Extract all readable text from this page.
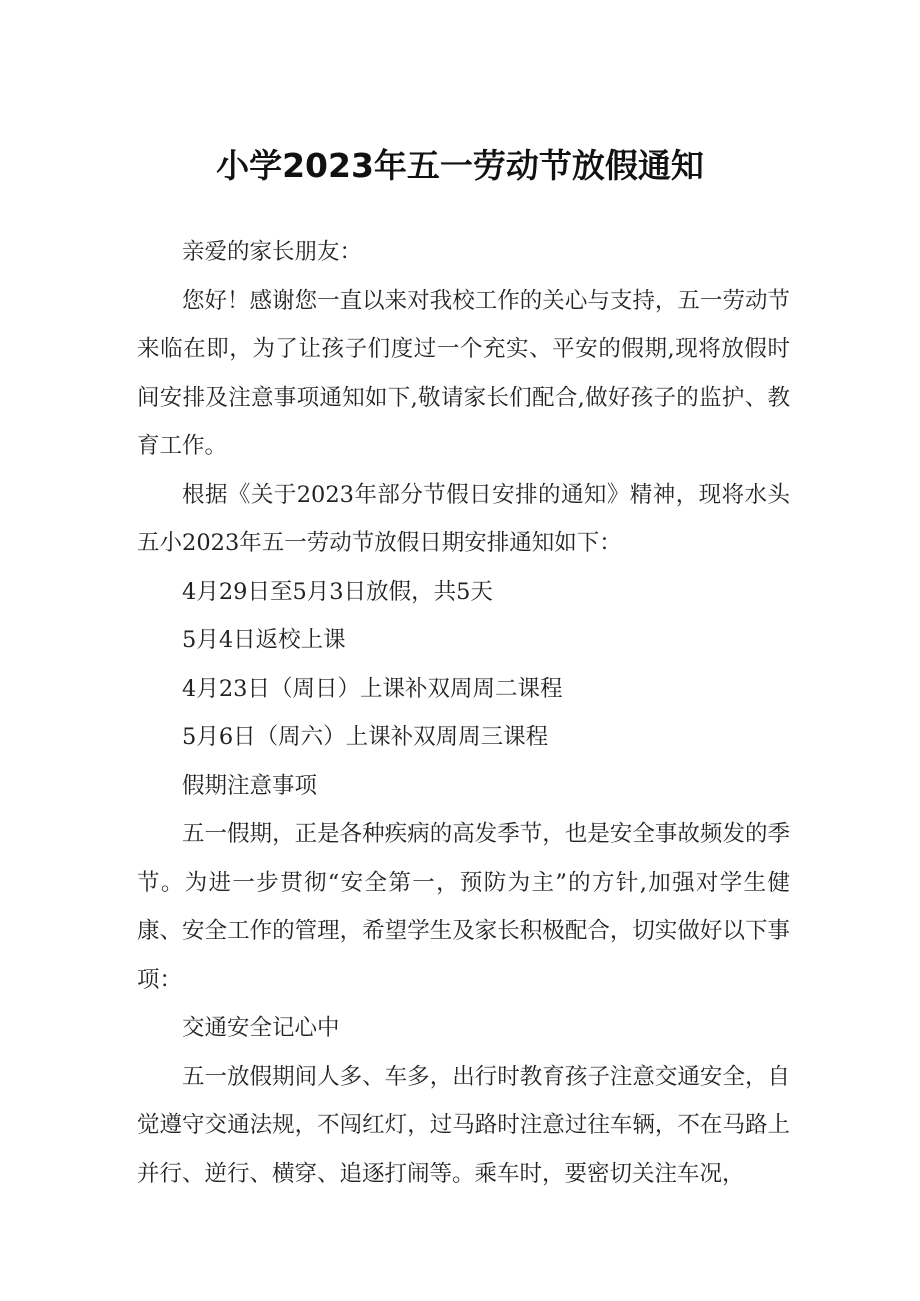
小学2023年五一劳动节放假通知

亲爱的家长朋友：

您好！感谢您一直以来对我校工作的关心与支持，五一劳动节来临在即，为了让孩子们度过一个充实、平安的假期,现将放假时间安排及注意事项通知如下,敬请家长们配合,做好孩子的监护、教育工作。

根据《关于2023年部分节假日安排的通知》精神，现将水头五小2023年五一劳动节放假日期安排通知如下：

4月29日至5月3日放假，共5天

5月4日返校上课

4月23日（周日）上课补双周周二课程

5月6日（周六）上课补双周周三课程

假期注意事项

五一假期，正是各种疾病的高发季节，也是安全事故频发的季节。为进一步贯彻“安全第一，预防为主”的方针,加强对学生健康、安全工作的管理，希望学生及家长积极配合，切实做好以下事项：

交通安全记心中

五一放假期间人多、车多，出行时教育孩子注意交通安全，自觉遵守交通法规，不闯红灯，过马路时注意过往车辆，不在马路上并行、逆行、横穿、追逐打闹等。乘车时，要密切关注车况，
